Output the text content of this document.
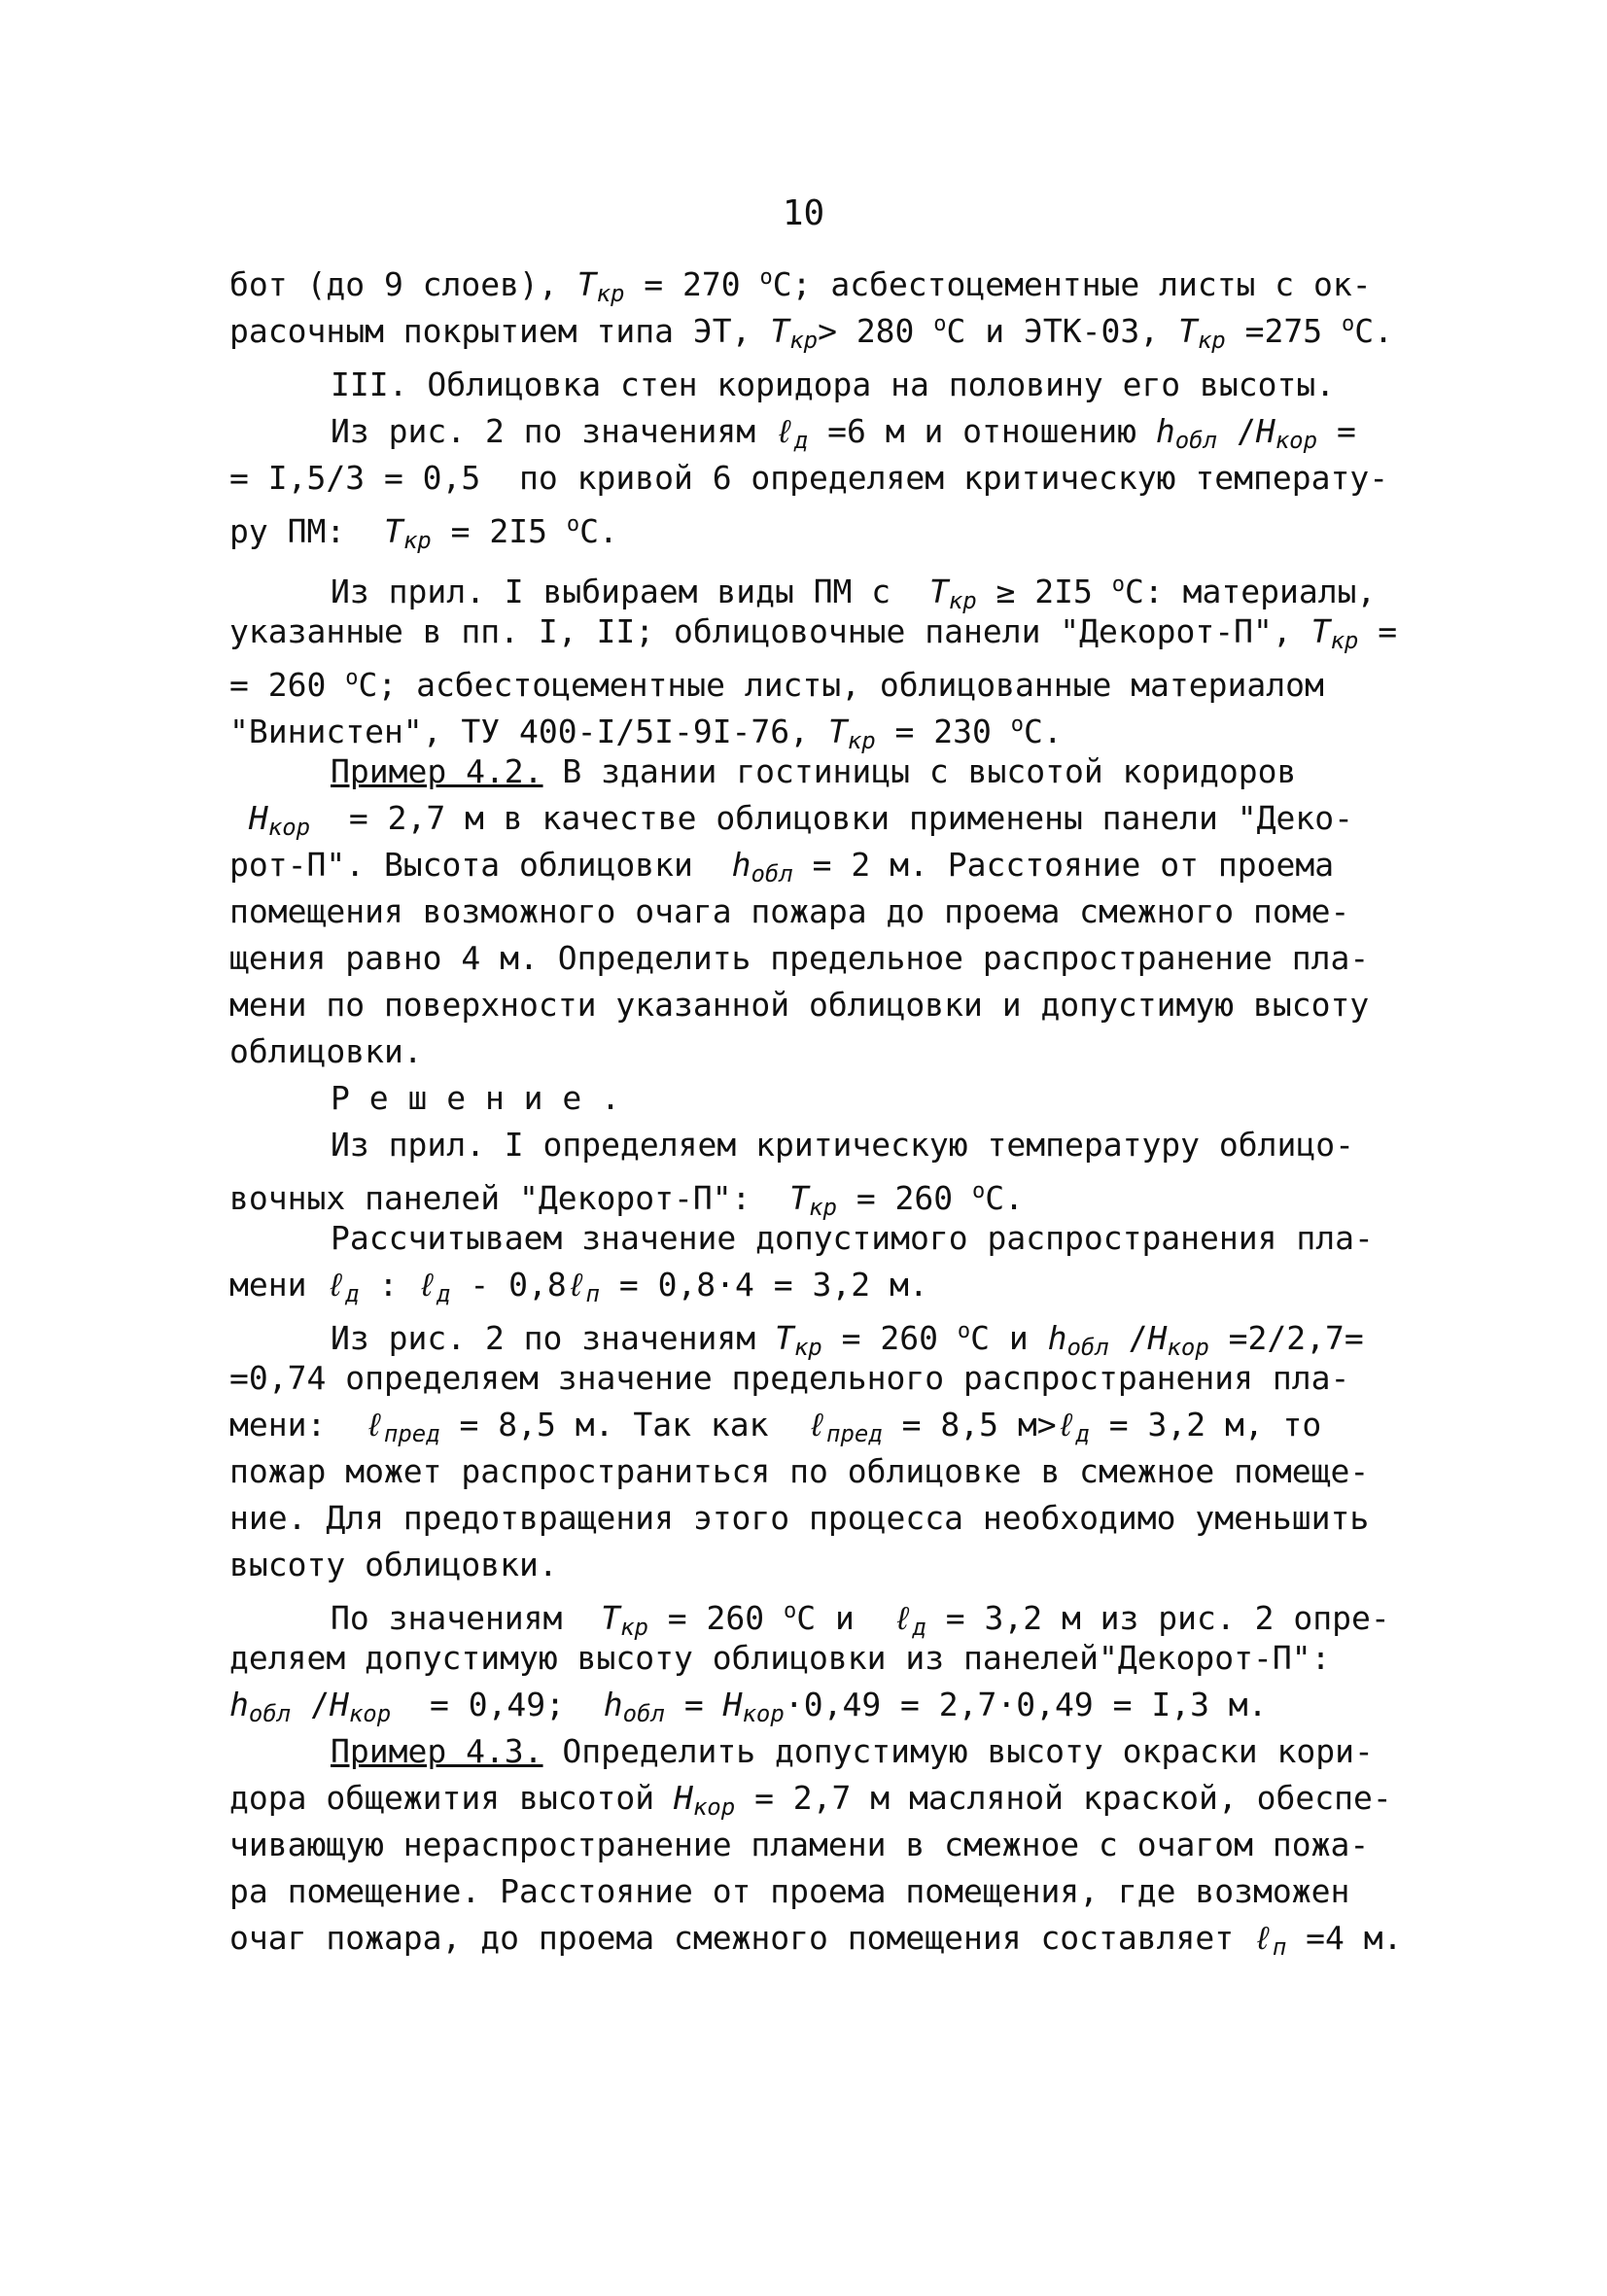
10
бот (до 9 слоев), $T_{кр} = 270$ $^o$C; асбестоцементные листы с ок-
расочным покрытием типа ЭТ, $T_{кр}> 280$ $^o$C и ЭТК-03, $T_{кр} =275$ $^o$C.
III. Облицовка стен коридора на половину его высоты.
Из рис. 2 по значениям ℓ$_д$ =6 м и отношению $h_{обл}$ $/H_{кор}$ =
= I,5/3 = 0,5  по кривой 6 определяем критическую температу-
ру ПМ:  $T_{кр} = 2I5$ $^o$C.
Из прил. I выбираем виды ПМ с  $T_{кр} \ge 2I5$ $^o$C: материалы,
указанные в пп. I, II; облицовочные панели "Декорот-П", $T_{кр}$ =
= 260 $^o$C; асбестоцементные листы, облицованные материалом
"Винистен", ТУ 400-I/5I-9I-76, $T_{кр} = 230$ $^o$C.
Пример 4.2. В здании гостиницы с высотой коридоров
$H_{кор} = 2,7$ м в качестве облицовки применены панели "Деко-
рот-П". Высота облицовки  $h_{обл} = 2$ м. Расстояние от проема
помещения возможного очага пожара до проема смежного поме-
щения равно 4 м. Определить предельное распространение пла-
мени по поверхности указанной облицовки и допустимую высоту
облицовки.
Р е ш е н и е .
Из прил. I определяем критическую температуру облицо-
вочных панелей "Декорот-П":  $T_{кр} = 260$ $^o$C.
Рассчитываем значение допустимого распространения пла-
мени ℓ$_д$ : ℓ$_д$ - 0,8ℓ$_п$ = 0,8·4 = 3,2 м.
Из рис. 2 по значениям $T_{кр} = 260$ $^o$C и $h_{обл}$ $/H_{кор} =2/2,7=$
=0,74 определяем значение предельного распространения пла-
мени:  ℓ$_{пред}$ = 8,5 м. Так как  ℓ$_{пред}$ = 8,5 м>ℓ$_д$ = 3,2 м, то
пожар может распространиться по облицовке в смежное помеще-
ние. Для предотвращения этого процесса необходимо уменьшить
высоту облицовки.
По значениям  $T_{кр} = 260$ $^o$C и  ℓ$_д$ = 3,2 м из рис. 2 опре-
деляем допустимую высоту облицовки из панелей"Декорот-П":
$h_{обл}$ $/H_{кор} = 0,49$;  $h_{обл} = H_{кор}\cdot 0,49 = 2,7\cdot 0,49 = I,3$ м.
Пример 4.3. Определить допустимую высоту окраски кори-
дора общежития высотой $H_{кор} = 2,7$ м масляной краской, обеспе-
чивающую нераспространение пламени в смежное с очагом пожа-
ра помещение. Расстояние от проема помещения, где возможен
очаг пожара, до проема смежного помещения составляет ℓ$_п$ =4 м.
